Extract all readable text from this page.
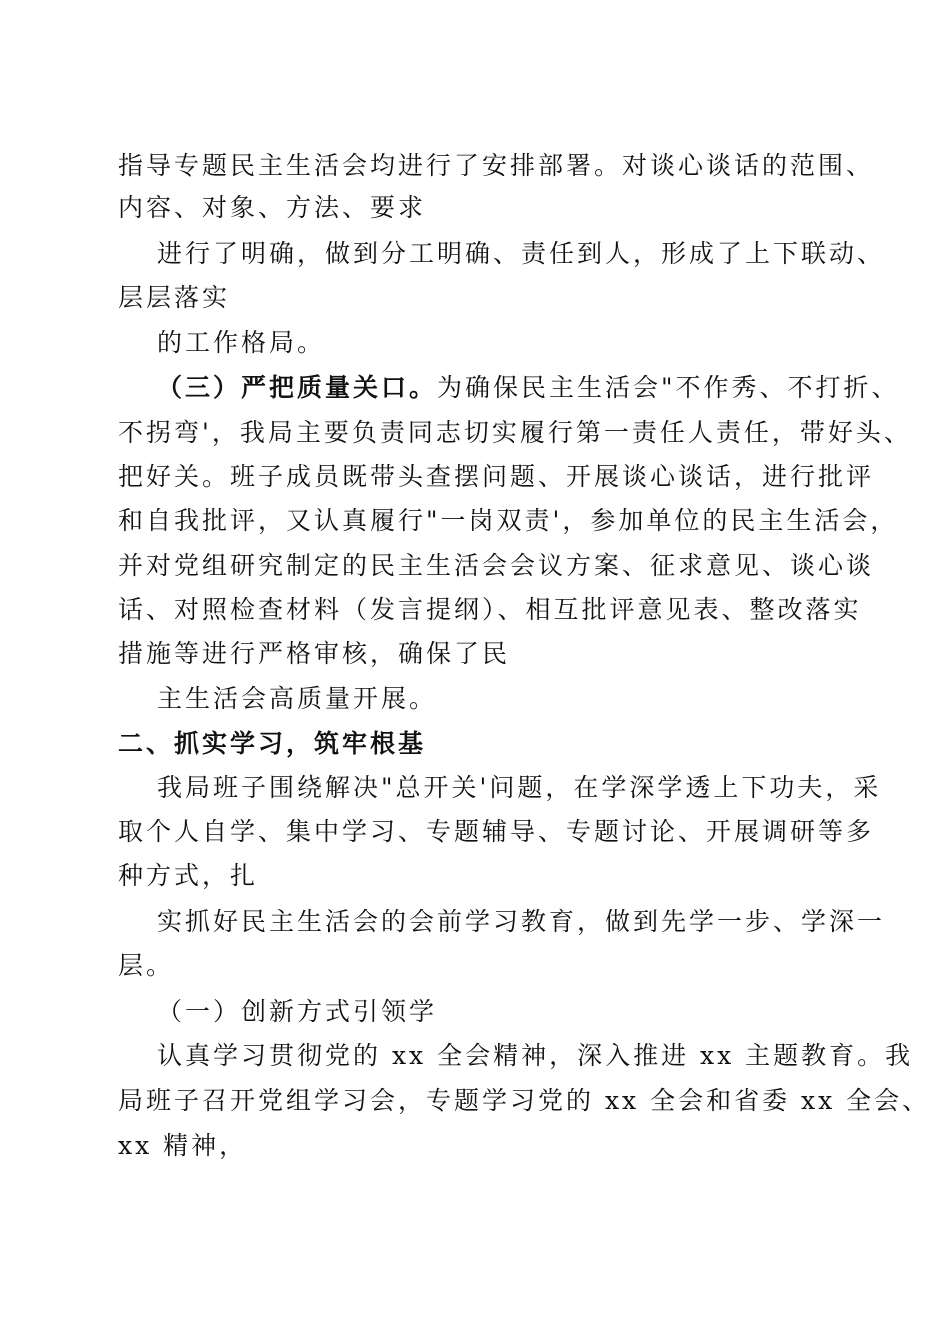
指导专题民主生活会均进行了安排部署。对谈心谈话的范围、
内容、对象、方法、要求
进行了明确，做到分工明确、责任到人，形成了上下联动、
层层落实
的工作格局。
（三）严把质量关口。为确保民主生活会"不作秀、不打折、
不拐弯'，我局主要负责同志切实履行第一责任人责任，带好头、
把好关。班子成员既带头查摆问题、开展谈心谈话，进行批评
和自我批评，又认真履行"一岗双责'，参加单位的民主生活会，
并对党组研究制定的民主生活会会议方案、征求意见、谈心谈
话、对照检查材料（发言提纲）、相互批评意见表、整改落实
措施等进行严格审核，确保了民
主生活会高质量开展。
二、抓实学习，筑牢根基
我局班子围绕解决"总开关'问题，在学深学透上下功夫，采
取个人自学、集中学习、专题辅导、专题讨论、开展调研等多
种方式，扎
实抓好民主生活会的会前学习教育，做到先学一步、学深一
层。
（一）创新方式引领学
认真学习贯彻党的 xx 全会精神，深入推进 xx 主题教育。我
局班子召开党组学习会，专题学习党的 xx 全会和省委 xx 全会、
xx 精神，
